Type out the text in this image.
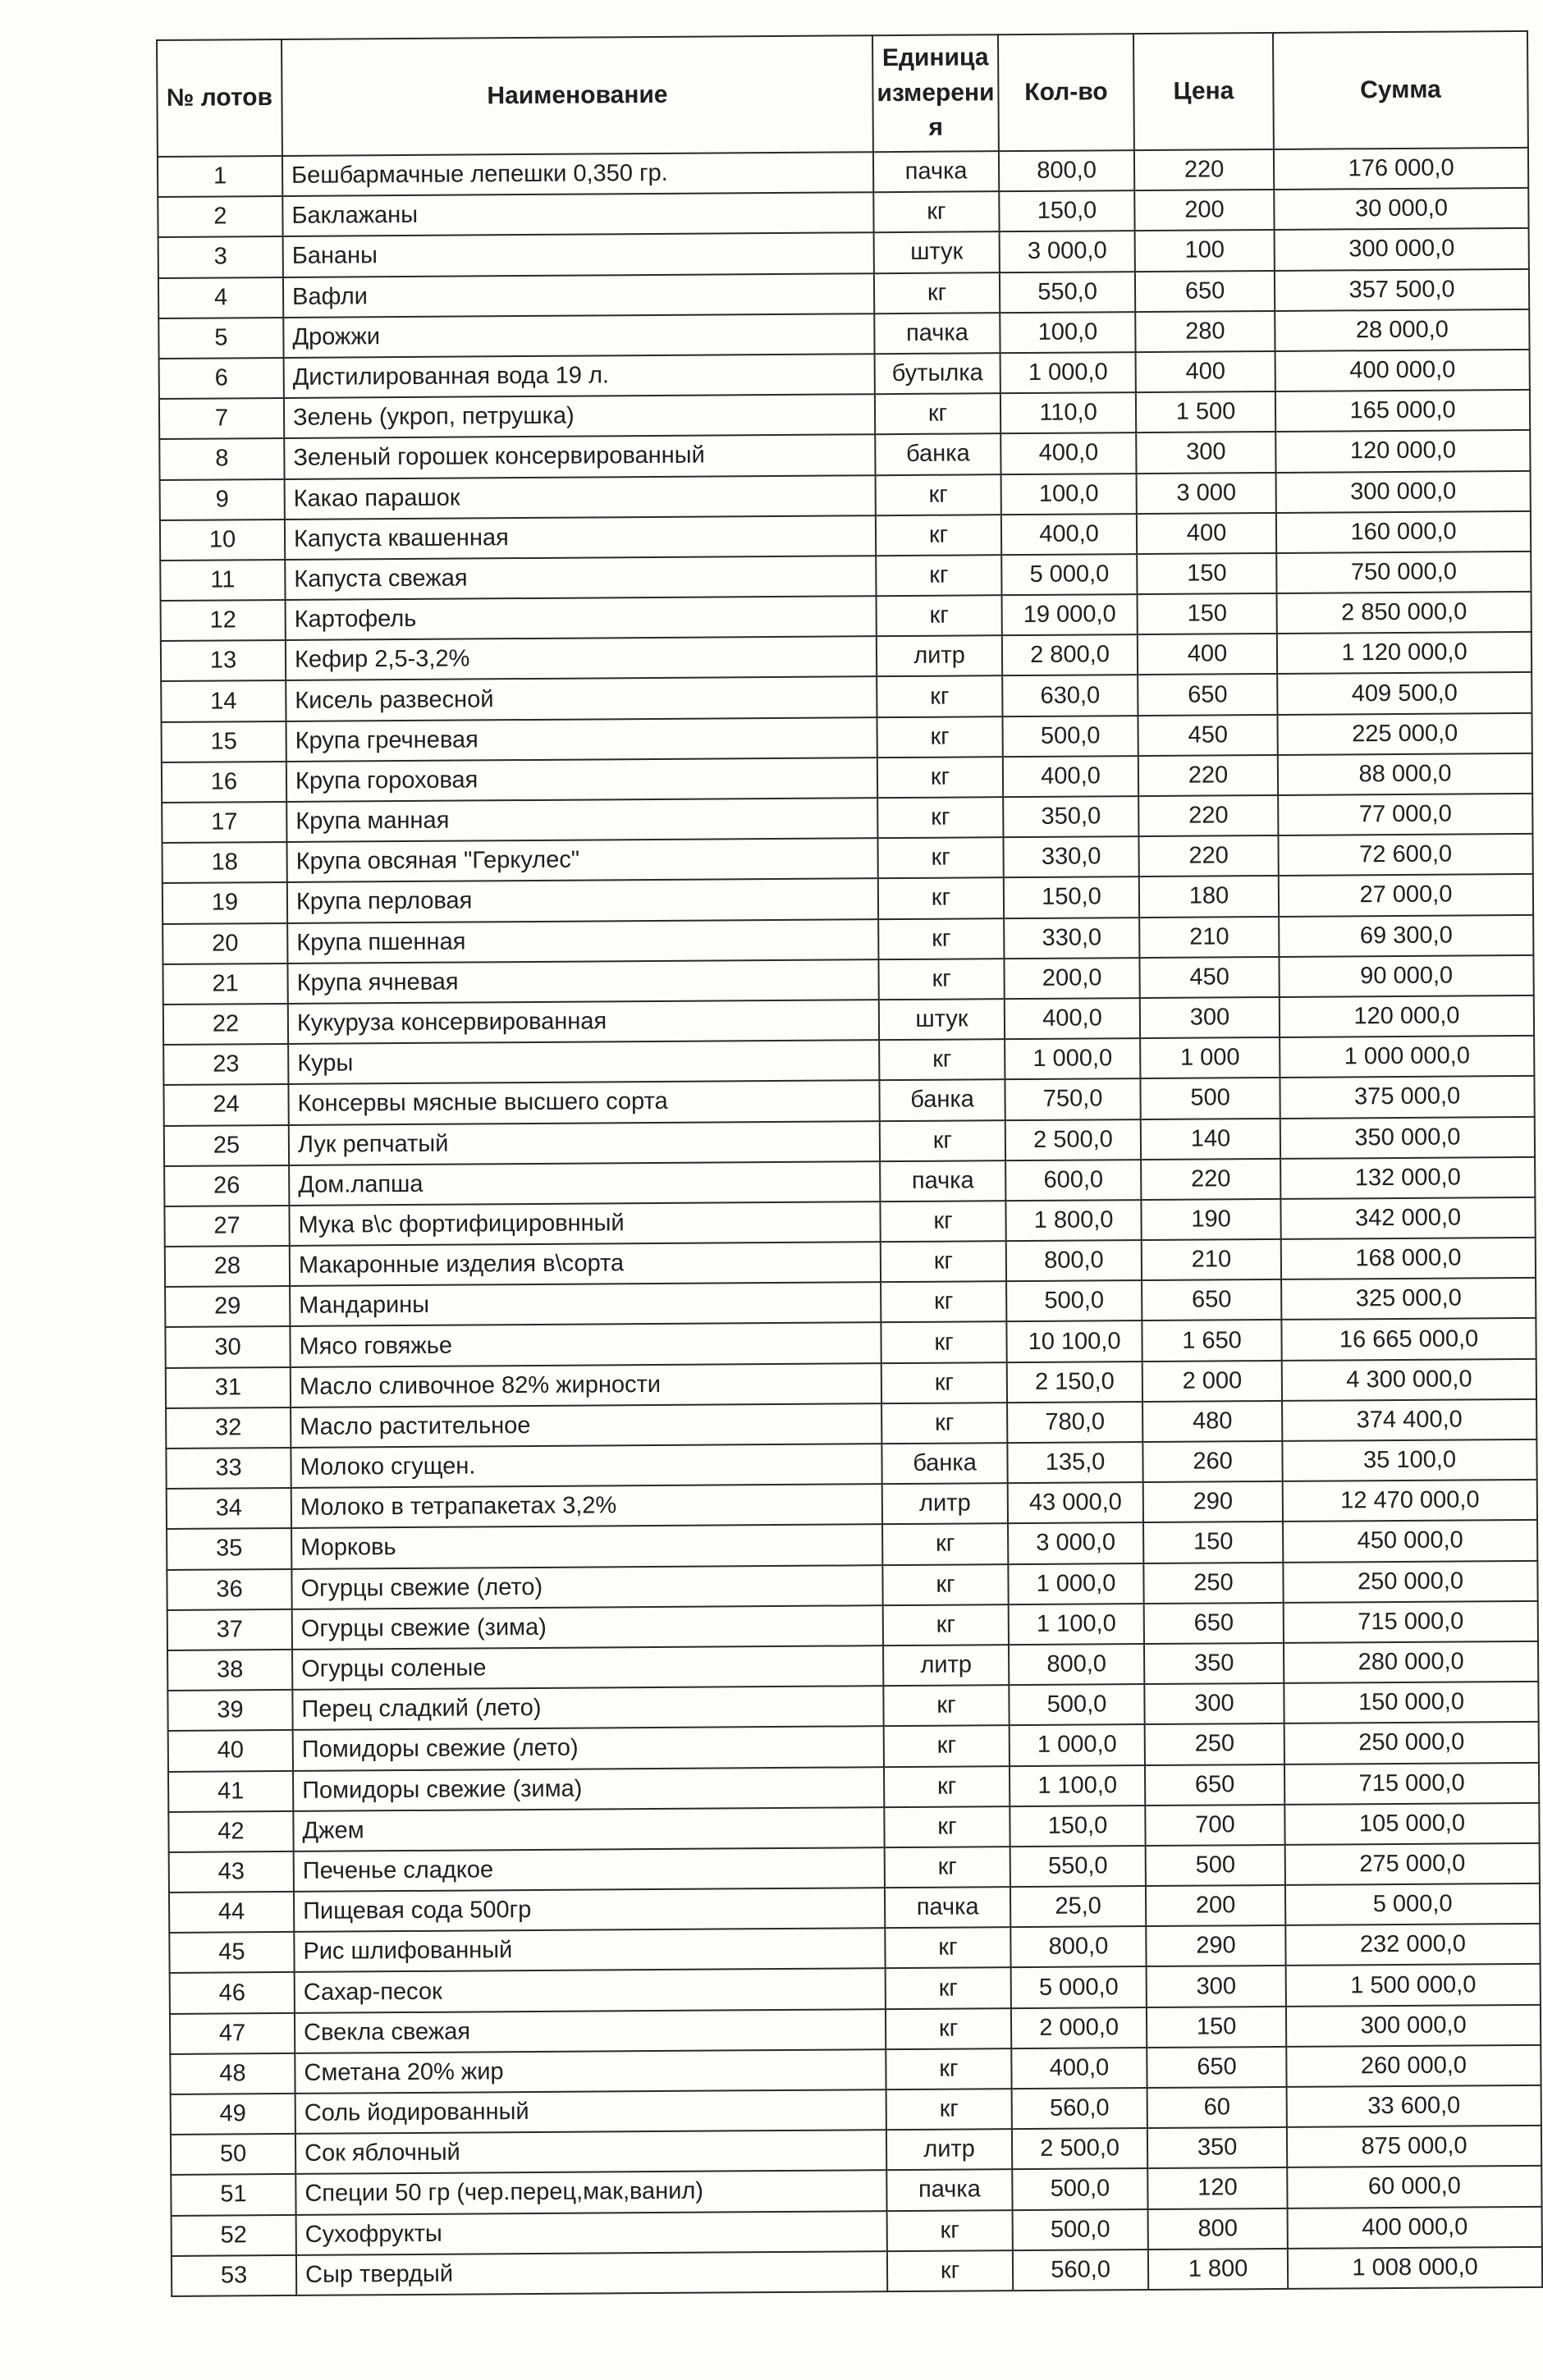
№ лотов	Наименование	Единица измерени я	Кол-во	Цена	Сумма
1	Бешбармачные лепешки 0,350 гр.	пачка	800,0	220	176 000,0
2	Баклажаны	кг	150,0	200	30 000,0
3	Бананы	штук	3 000,0	100	300 000,0
4	Вафли	кг	550,0	650	357 500,0
5	Дрожжи	пачка	100,0	280	28 000,0
6	Дистилированная вода 19 л.	бутылка	1 000,0	400	400 000,0
7	Зелень (укроп, петрушка)	кг	110,0	1 500	165 000,0
8	Зеленый горошек консервированный	банка	400,0	300	120 000,0
9	Какао парашок	кг	100,0	3 000	300 000,0
10	Капуста квашенная	кг	400,0	400	160 000,0
11	Капуста свежая	кг	5 000,0	150	750 000,0
12	Картофель	кг	19 000,0	150	2 850 000,0
13	Кефир 2,5-3,2%	литр	2 800,0	400	1 120 000,0
14	Кисель развесной	кг	630,0	650	409 500,0
15	Крупа гречневая	кг	500,0	450	225 000,0
16	Крупа гороховая	кг	400,0	220	88 000,0
17	Крупа манная	кг	350,0	220	77 000,0
18	Крупа овсяная "Геркулес"	кг	330,0	220	72 600,0
19	Крупа перловая	кг	150,0	180	27 000,0
20	Крупа пшенная	кг	330,0	210	69 300,0
21	Крупа ячневая	кг	200,0	450	90 000,0
22	Кукуруза консервированная	штук	400,0	300	120 000,0
23	Куры	кг	1 000,0	1 000	1 000 000,0
24	Консервы мясные высшего сорта	банка	750,0	500	375 000,0
25	Лук репчатый	кг	2 500,0	140	350 000,0
26	Дом.лапша	пачка	600,0	220	132 000,0
27	Мука в\с фортифицировнный	кг	1 800,0	190	342 000,0
28	Макаронные изделия в\сорта	кг	800,0	210	168 000,0
29	Мандарины	кг	500,0	650	325 000,0
30	Мясо говяжье	кг	10 100,0	1 650	16 665 000,0
31	Масло сливочное 82% жирности	кг	2 150,0	2 000	4 300 000,0
32	Масло растительное	кг	780,0	480	374 400,0
33	Молоко сгущен.	банка	135,0	260	35 100,0
34	Молоко в тетрапакетах 3,2%	литр	43 000,0	290	12 470 000,0
35	Морковь	кг	3 000,0	150	450 000,0
36	Огурцы свежие (лето)	кг	1 000,0	250	250 000,0
37	Огурцы свежие (зима)	кг	1 100,0	650	715 000,0
38	Огурцы соленые	литр	800,0	350	280 000,0
39	Перец сладкий (лето)	кг	500,0	300	150 000,0
40	Помидоры свежие (лето)	кг	1 000,0	250	250 000,0
41	Помидоры свежие (зима)	кг	1 100,0	650	715 000,0
42	Джем	кг	150,0	700	105 000,0
43	Печенье сладкое	кг	550,0	500	275 000,0
44	Пищевая сода 500гр	пачка	25,0	200	5 000,0
45	Рис шлифованный	кг	800,0	290	232 000,0
46	Сахар-песок	кг	5 000,0	300	1 500 000,0
47	Свекла свежая	кг	2 000,0	150	300 000,0
48	Сметана 20% жир	кг	400,0	650	260 000,0
49	Соль йодированный	кг	560,0	60	33 600,0
50	Сок яблочный	литр	2 500,0	350	875 000,0
51	Специи 50 гр (чер.перец,мак,ванил)	пачка	500,0	120	60 000,0
52	Сухофрукты	кг	500,0	800	400 000,0
53	Сыр твердый	кг	560,0	1 800	1 008 000,0
